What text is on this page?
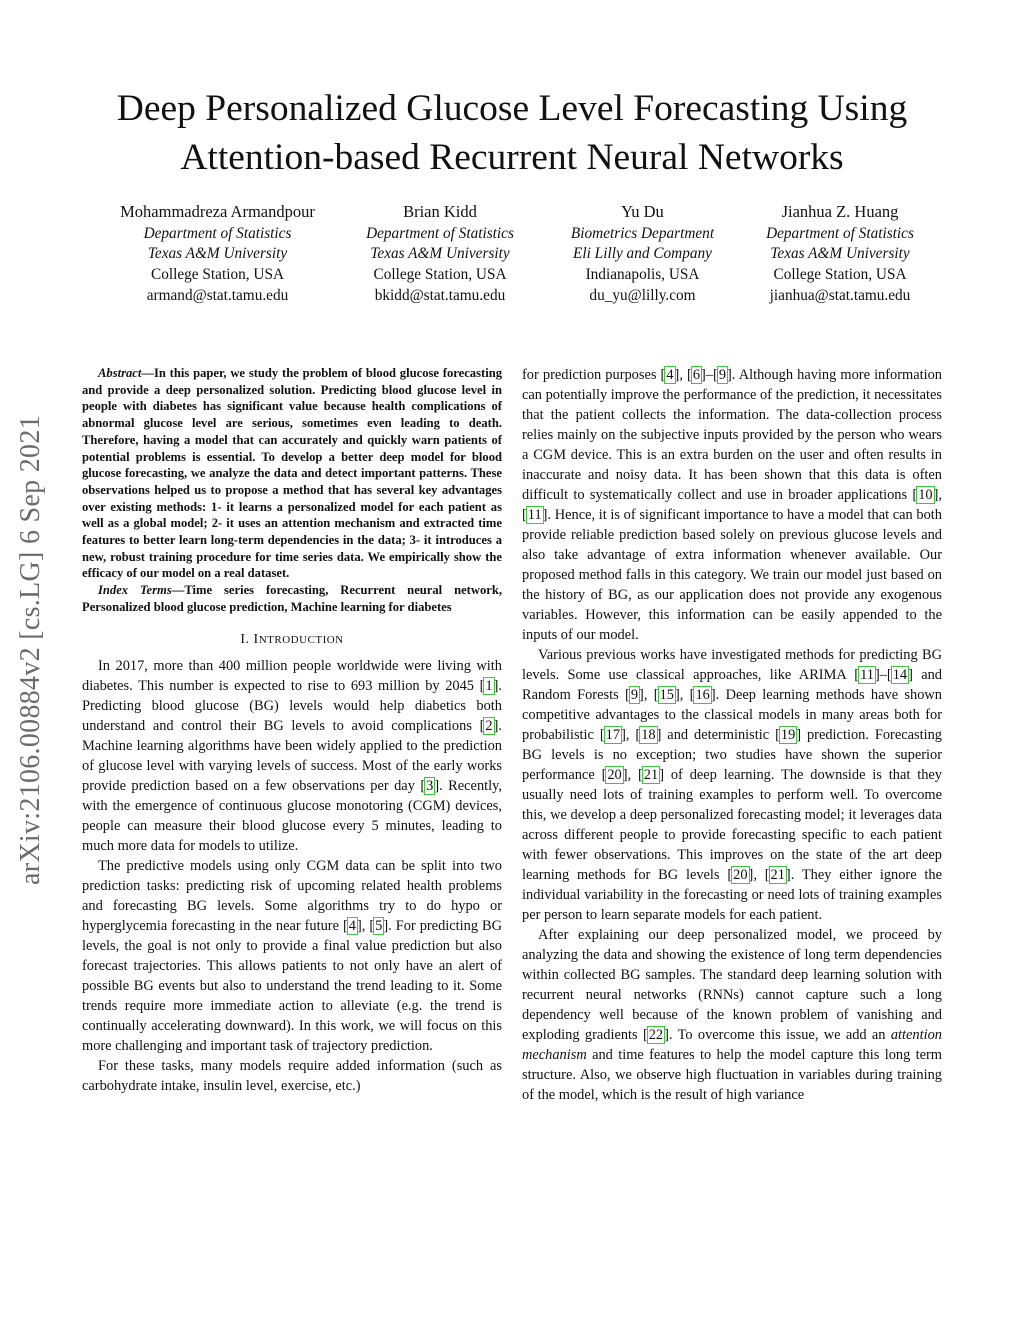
arXiv:2106.00884v2 [cs.LG] 6 Sep 2021
Deep Personalized Glucose Level Forecasting Using
Attention-based Recurrent Neural Networks
Mohammadreza Armandpour
Department of Statistics
Texas A&M University
College Station, USA
armand@stat.tamu.edu
Brian Kidd
Department of Statistics
Texas A&M University
College Station, USA
bkidd@stat.tamu.edu
Yu Du
Biometrics Department
Eli Lilly and Company
Indianapolis, USA
du_yu@lilly.com
Jianhua Z. Huang
Department of Statistics
Texas A&M University
College Station, USA
jianhua@stat.tamu.edu

Abstract—In this paper, we study the problem of blood glucose forecasting and provide a deep personalized solution. Predicting blood glucose level in people with diabetes has significant value because health complications of abnormal glucose level are serious, sometimes even leading to death. Therefore, having a model that can accurately and quickly warn patients of potential problems is essential. To develop a better deep model for blood glucose forecasting, we analyze the data and detect important patterns. These observations helped us to propose a method that has several key advantages over existing methods: 1- it learns a personalized model for each patient as well as a global model; 2- it uses an attention mechanism and extracted time features to better learn long-term dependencies in the data; 3- it introduces a new, robust training procedure for time series data. We empirically show the efficacy of our model on a real dataset.

Index Terms—Time series forecasting, Recurrent neural network, Personalized blood glucose prediction, Machine learning for diabetes

I. INTRODUCTION

In 2017, more than 400 million people worldwide were living with diabetes. This number is expected to rise to 693 million by 2045 [1]. Predicting blood glucose (BG) levels would help diabetics both understand and control their BG levels to avoid complications [2]. Machine learning algorithms have been widely applied to the prediction of glucose level with varying levels of success. Most of the early works provide prediction based on a few observations per day [3]. Recently, with the emergence of continuous glucose monotoring (CGM) devices, people can measure their blood glucose every 5 minutes, leading to much more data for models to utilize.

The predictive models using only CGM data can be split into two prediction tasks: predicting risk of upcoming related health problems and forecasting BG levels. Some algorithms try to do hypo or hyperglycemia forecasting in the near future [4], [5]. For predicting BG levels, the goal is not only to provide a final value prediction but also forecast trajectories. This allows patients to not only have an alert of possible BG events but also to understand the trend leading to it. Some trends require more immediate action to alleviate (e.g. the trend is continually accelerating downward). In this work, we will focus on this more challenging and important task of trajectory prediction.

For these tasks, many models require added information (such as carbohydrate intake, insulin level, exercise, etc.)

for prediction purposes [4], [6]–[9]. Although having more information can potentially improve the performance of the prediction, it necessitates that the patient collects the information. The data-collection process relies mainly on the subjective inputs provided by the person who wears a CGM device. This is an extra burden on the user and often results in inaccurate and noisy data. It has been shown that this data is often difficult to systematically collect and use in broader applications [10], [11]. Hence, it is of significant importance to have a model that can both provide reliable prediction based solely on previous glucose levels and also take advantage of extra information whenever available. Our proposed method falls in this category. We train our model just based on the history of BG, as our application does not provide any exogenous variables. However, this information can be easily appended to the inputs of our model.

Various previous works have investigated methods for predicting BG levels. Some use classical approaches, like ARIMA [11]–[14] and Random Forests [9], [15], [16]. Deep learning methods have shown competitive advantages to the classical models in many areas both for probabilistic [17], [18] and deterministic [19] prediction. Forecasting BG levels is no exception; two studies have shown the superior performance [20], [21] of deep learning. The downside is that they usually need lots of training examples to perform well. To overcome this, we develop a deep personalized forecasting model; it leverages data across different people to provide forecasting specific to each patient with fewer observations. This improves on the state of the art deep learning methods for BG levels [20], [21]. They either ignore the individual variability in the forecasting or need lots of training examples per person to learn separate models for each patient.

After explaining our deep personalized model, we proceed by analyzing the data and showing the existence of long term dependencies within collected BG samples. The standard deep learning solution with recurrent neural networks (RNNs) cannot capture such a long dependency well because of the known problem of vanishing and exploding gradients [22]. To overcome this issue, we add an attention mechanism and time features to help the model capture this long term structure. Also, we observe high fluctuation in variables during training of the model, which is the result of high variance
